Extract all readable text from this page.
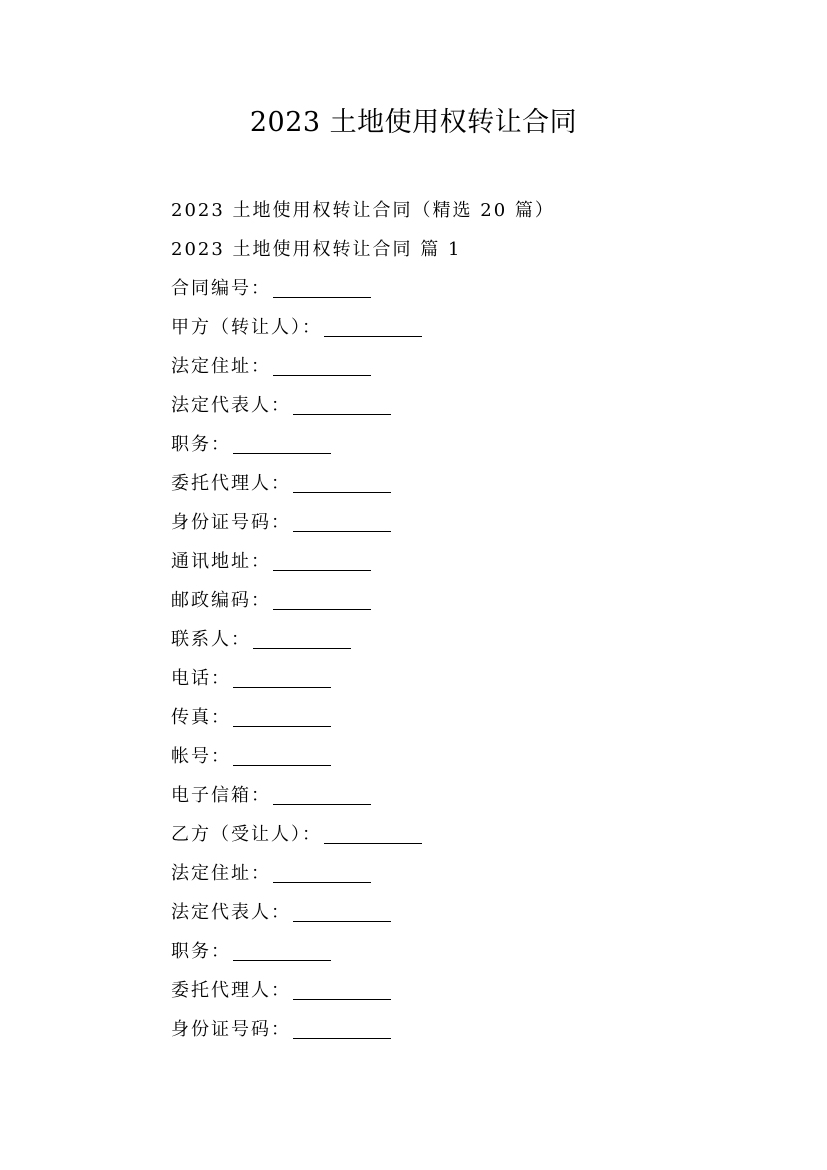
2023 土地使用权转让合同
2023 土地使用权转让合同（精选 20 篇）
2023 土地使用权转让合同 篇 1
合同编号：
甲方（转让人）：
法定住址：
法定代表人：
职务：
委托代理人：
身份证号码：
通讯地址：
邮政编码：
联系人：
电话：
传真：
帐号：
电子信箱：
乙方（受让人）：
法定住址：
法定代表人：
职务：
委托代理人：
身份证号码：
